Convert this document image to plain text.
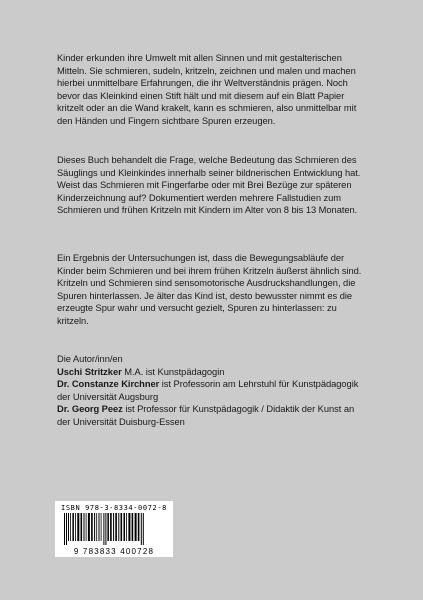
Kinder erkunden ihre Umwelt mit allen Sinnen und mit gestalterischen Mitteln. Sie schmieren, sudeln, kritzeln, zeichnen und malen und machen hierbei unmittelbare Erfahrungen, die ihr Weltverständnis prägen. Noch bevor das Kleinkind einen Stift hält und mit diesem auf ein Blatt Papier kritzelt oder an die Wand krakelt, kann es schmieren, also unmittelbar mit den Händen und Fingern sichtbare Spuren erzeugen.

Dieses Buch behandelt die Frage, welche Bedeutung das Schmieren des Säuglings und Kleinkindes innerhalb seiner bildnerischen Entwicklung hat. Weist das Schmieren mit Fingerfarbe oder mit Brei Bezüge zur späteren Kinderzeichnung auf? Dokumentiert werden mehrere Fallstudien zum Schmieren und frühen Kritzeln mit Kindern im Alter von 8 bis 13 Monaten.

Ein Ergebnis der Untersuchungen ist, dass die Bewegungsabläufe der Kinder beim Schmieren und bei ihrem frühen Kritzeln äußerst ähnlich sind. Kritzeln und Schmieren sind sensomotorische Ausdruckshandlungen, die Spuren hinterlassen. Je älter das Kind ist, desto bewusster nimmt es die erzeugte Spur wahr und versucht gezielt, Spuren zu hinterlassen: zu kritzeln.

Die Autor/inn/en
Uschi Stritzker M.A. ist Kunstpädagogin
Dr. Constanze Kirchner ist Professorin am Lehrstuhl für Kunstpädagogik der Universität Augsburg
Dr. Georg Peez ist Professor für Kunstpädagogik / Didaktik der Kunst an der Universität Duisburg-Essen
ISBN 978-3-8334-0072-8
9 783833 400728
